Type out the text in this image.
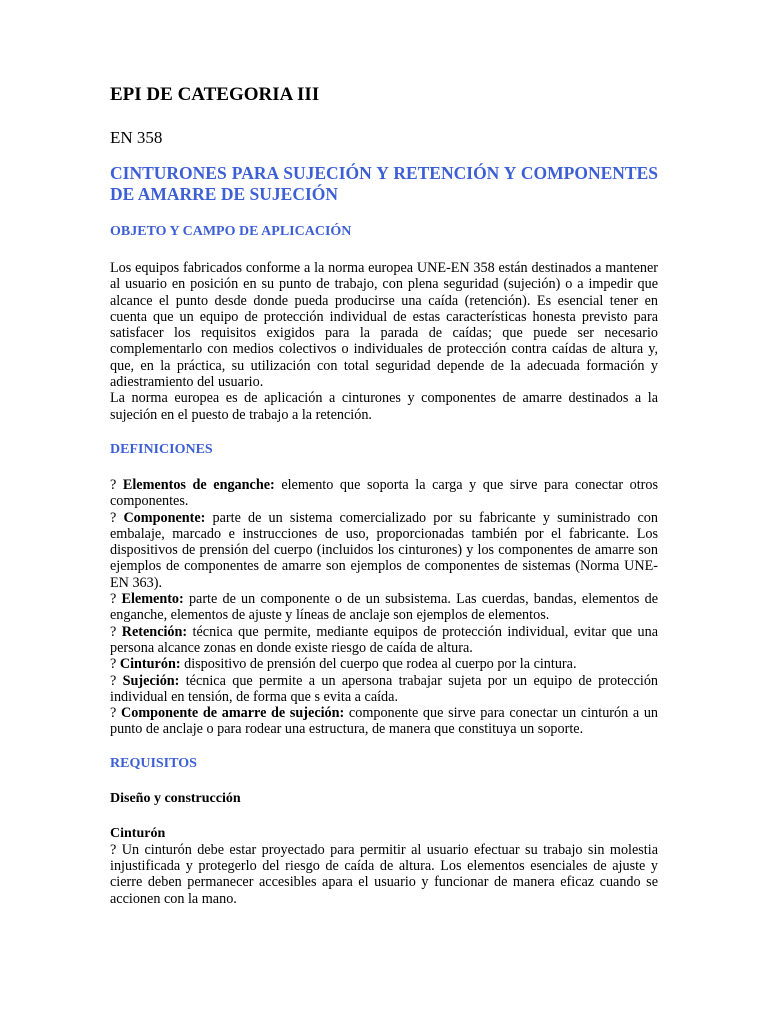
EPI DE CATEGORIA III

EN 358

CINTURONES PARA SUJECIÓN Y RETENCIÓN Y COMPONENTES DE AMARRE DE SUJECIÓN
OBJETO Y CAMPO DE APLICACIÓN

Los equipos fabricados conforme a la norma europea UNE-EN 358 están destinados a mantener al usuario en posición en su punto de trabajo, con plena seguridad (sujeción) o a impedir que alcance el punto desde donde pueda producirse una caída (retención). Es esencial tener en cuenta que un equipo de protección individual de estas características honesta previsto para satisfacer los requisitos exigidos para la parada de caídas; que puede ser necesario complementarlo con medios colectivos o individuales de protección contra caídas de altura y, que, en la práctica, su utilización con total seguridad depende de la adecuada formación y adiestramiento del usuario.

La norma europea es de aplicación a cinturones y componentes de amarre destinados a la sujeción en el puesto de trabajo a la retención.

DEFINICIONES

? Elementos de enganche: elemento que soporta la carga y que sirve para conectar otros componentes.

? Componente: parte de un sistema comercializado por su fabricante y suministrado con embalaje, marcado e instrucciones de uso, proporcionadas también por el fabricante. Los dispositivos de prensión del cuerpo (incluidos los cinturones) y los componentes de amarre son ejemplos de componentes de amarre son ejemplos de componentes de sistemas (Norma UNE-EN 363).

? Elemento: parte de un componente o de un subsistema. Las cuerdas, bandas, elementos de enganche, elementos de ajuste y líneas de anclaje son ejemplos de elementos.

? Retención: técnica que permite, mediante equipos de protección individual, evitar que una persona alcance zonas en donde existe riesgo de caída de altura.

? Cinturón: dispositivo de prensión del cuerpo que rodea al cuerpo por la cintura.

? Sujeción: técnica que permite a un apersona trabajar sujeta por un equipo de protección individual en tensión, de forma que s evita a caída.

? Componente de amarre de sujeción: componente que sirve para conectar un cinturón a un punto de anclaje o para rodear una estructura, de manera que constituya un soporte.

REQUISITOS
Diseño y construcción
Cinturón

? Un cinturón debe estar proyectado para permitir al usuario efectuar su trabajo sin molestia injustificada y protegerlo del riesgo de caída de altura. Los elementos esenciales de ajuste y cierre deben permanecer accesibles apara el usuario y funcionar de manera eficaz cuando se accionen con la mano.
